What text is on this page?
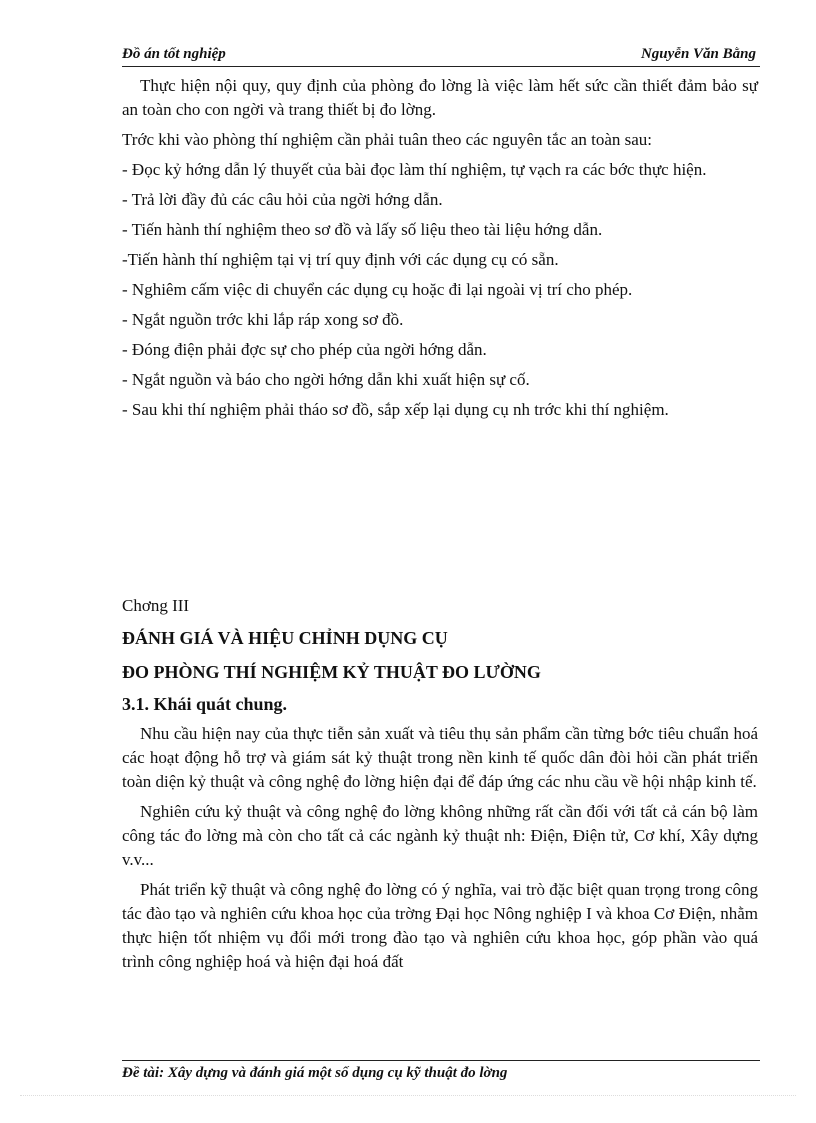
Đồ án tốt nghiệp	Nguyễn Văn Bằng

Thực hiện nội quy, quy định của phòng đo lờng là việc làm hết sức cần thiết đảm bảo sự an toàn cho con ngời và trang thiết bị đo lờng.

Trớc khi vào phòng thí nghiệm cần phải tuân theo các nguyên tắc an toàn sau:

- Đọc kỷ hớng dẫn lý thuyết của bài đọc làm thí nghiệm, tự vạch ra các bớc thực hiện.

- Trả lời đầy đủ các câu hỏi của ngời hớng dẫn.

- Tiến hành thí nghiệm theo sơ đồ và lấy số liệu theo tài liệu hớng dẫn.

-Tiến hành thí nghiệm tại vị trí quy định với các dụng cụ có sẵn.

- Nghiêm cấm việc di chuyển các dụng cụ hoặc đi lại ngoài vị trí cho phép.

- Ngắt nguồn trớc khi lắp ráp xong sơ đồ.

- Đóng điện phải đợc sự cho phép của ngời hớng dẫn.

- Ngắt nguồn và báo cho ngời hớng dẫn khi xuất hiện sự cố.

- Sau khi thí nghiệm phải tháo sơ đồ, sắp xếp lại dụng cụ nh trớc khi thí nghiệm.

Chơng III

ĐÁNH GIÁ VÀ HIỆU CHỈNH DỤNG CỤ

ĐO PHÒNG THÍ NGHIỆM KỶ THUẬT ĐO LƯỜNG

3.1. Khái quát chung.

Nhu cầu hiện nay của thực tiễn sản xuất và tiêu thụ sản phẩm cần từng bớc tiêu chuẩn hoá các hoạt động hỗ trợ và giám sát kỷ thuật trong nền kinh tế quốc dân đòi hỏi cần phát triển toàn diện kỷ thuật và công nghệ đo lờng hiện đại để đáp ứng các nhu cầu về hội nhập kinh tế.

Nghiên cứu kỷ thuật và công nghệ đo lờng không những rất cần đối với tất cả cán bộ làm công tác đo lờng mà còn cho tất cả các ngành kỷ thuật nh: Điện, Điện tử, Cơ khí, Xây dựng v.v...

Phát triển kỹ thuật và công nghệ đo lờng có ý nghĩa, vai trò đặc biệt quan trọng trong công tác đào tạo và nghiên cứu khoa học của trờng Đại học Nông nghiệp I và khoa Cơ Điện, nhằm thực hiện tốt nhiệm vụ đổi mới trong đào tạo và nghiên cứu khoa học, góp phần vào quá trình công nghiệp hoá và hiện đại hoá đất

Đề tài: Xây dựng và đánh giá một số dụng cụ kỹ thuật đo lờng
